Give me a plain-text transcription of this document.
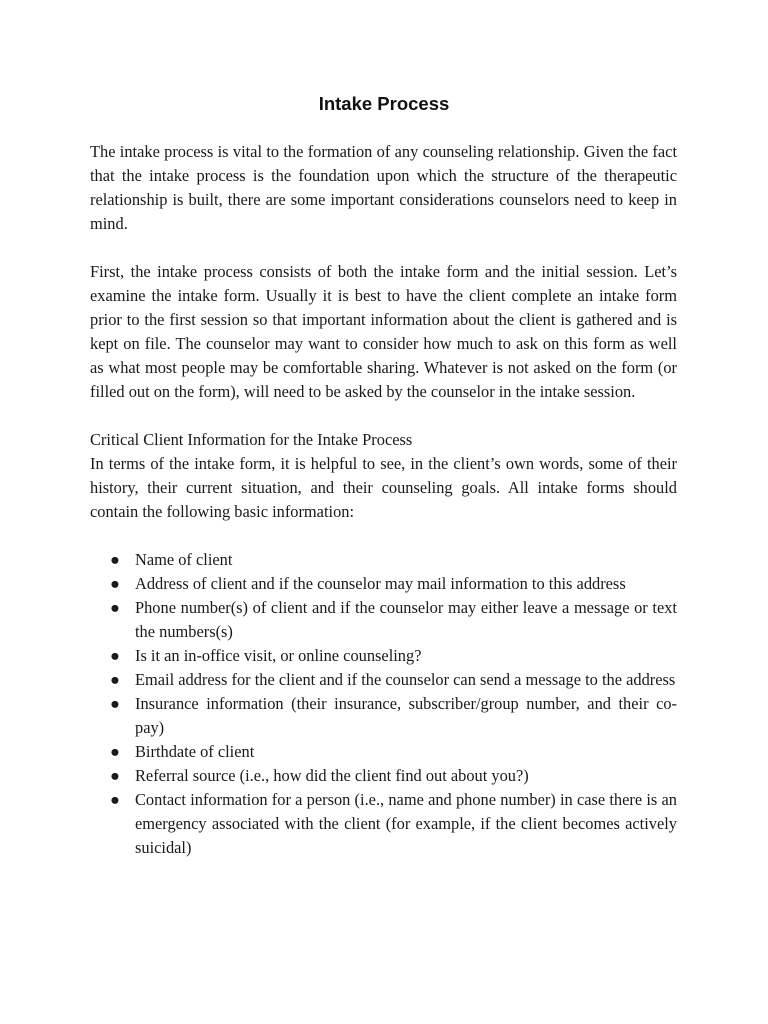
Intake Process

The intake process is vital to the formation of any counseling relationship. Given the fact that the intake process is the foundation upon which the structure of the therapeutic relationship is built, there are some important considerations counselors need to keep in mind.

First, the intake process consists of both the intake form and the initial session. Let’s examine the intake form. Usually it is best to have the client complete an intake form prior to the first session so that important information about the client is gathered and is kept on file. The counselor may want to consider how much to ask on this form as well as what most people may be comfortable sharing. Whatever is not asked on the form (or filled out on the form), will need to be asked by the counselor in the intake session.

Critical Client Information for the Intake Process

In terms of the intake form, it is helpful to see, in the client’s own words, some of their history, their current situation, and their counseling goals. All intake forms should contain the following basic information:

● Name of client
● Address of client and if the counselor may mail information to this address
● Phone number(s) of client and if the counselor may either leave a message or text the numbers(s)
● Is it an in-office visit, or online counseling?
● Email address for the client and if the counselor can send a message to the address
● Insurance information (their insurance, subscriber/group number, and their co-pay)
● Birthdate of client
● Referral source (i.e., how did the client find out about you?)
● Contact information for a person (i.e., name and phone number) in case there is an emergency associated with the client (for example, if the client becomes actively suicidal)
